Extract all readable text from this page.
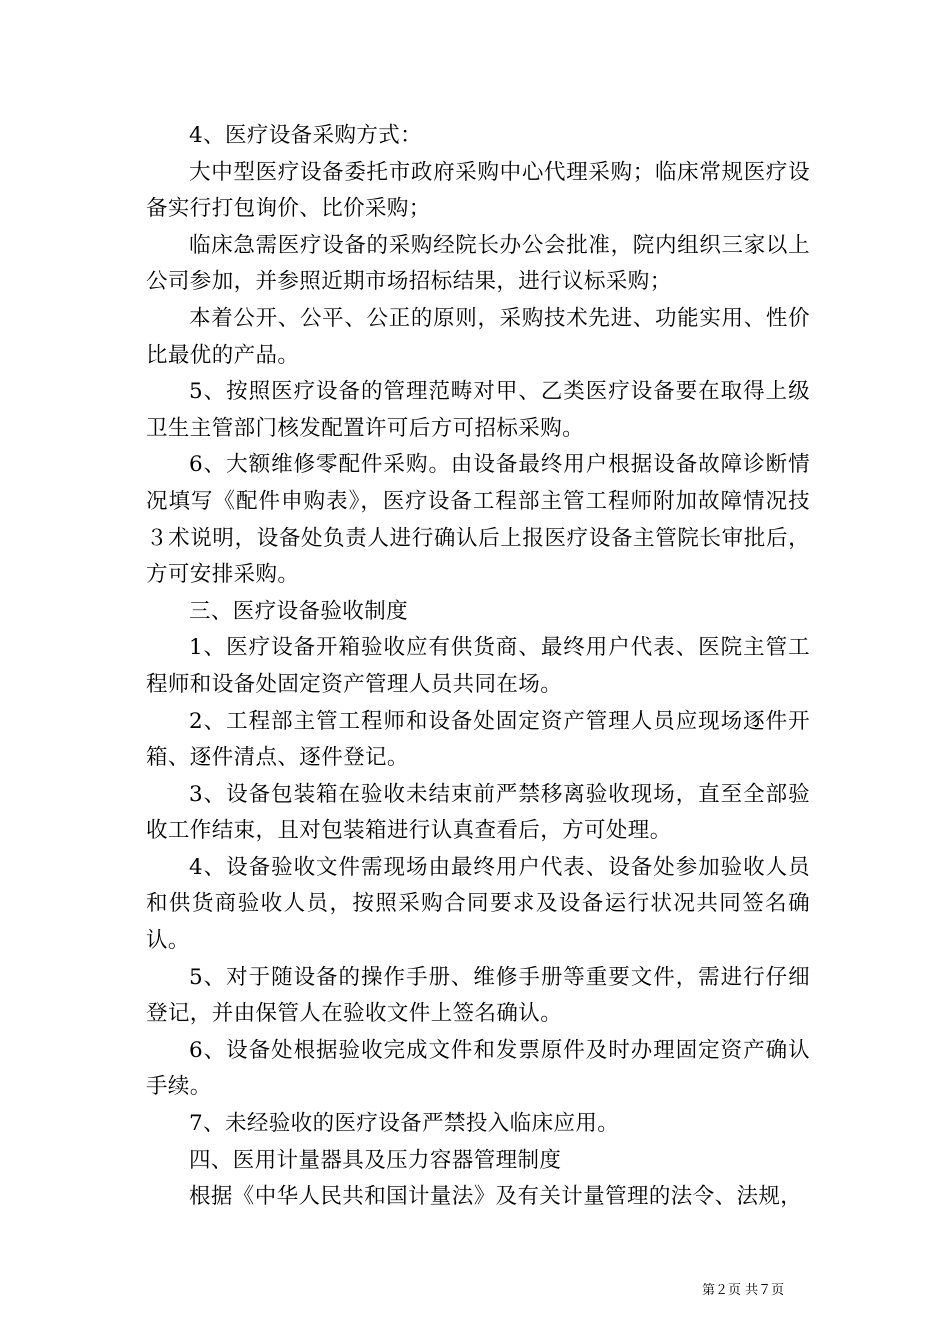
4、医疗设备采购方式：

大中型医疗设备委托市政府采购中心代理采购；临床常规医疗设备实行打包询价、比价采购；

临床急需医疗设备的采购经院长办公会批准，院内组织三家以上公司参加，并参照近期市场招标结果，进行议标采购；

本着公开、公平、公正的原则，采购技术先进、功能实用、性价比最优的产品。

5、按照医疗设备的管理范畴对甲、乙类医疗设备要在取得上级卫生主管部门核发配置许可后方可招标采购。

6、大额维修零配件采购。由设备最终用户根据设备故障诊断情况填写《配件申购表》，医疗设备工程部主管工程师附加故障情况技３术说明，设备处负责人进行确认后上报医疗设备主管院长审批后，方可安排采购。

三、医疗设备验收制度

1、医疗设备开箱验收应有供货商、最终用户代表、医院主管工程师和设备处固定资产管理人员共同在场。

2、工程部主管工程师和设备处固定资产管理人员应现场逐件开箱、逐件清点、逐件登记。

3、设备包装箱在验收未结束前严禁移离验收现场，直至全部验收工作结束，且对包装箱进行认真查看后，方可处理。

4、设备验收文件需现场由最终用户代表、设备处参加验收人员和供货商验收人员，按照采购合同要求及设备运行状况共同签名确认。

5、对于随设备的操作手册、维修手册等重要文件，需进行仔细登记，并由保管人在验收文件上签名确认。

6、设备处根据验收完成文件和发票原件及时办理固定资产确认手续。

7、未经验收的医疗设备严禁投入临床应用。

四、医用计量器具及压力容器管理制度

根据《中华人民共和国计量法》及有关计量管理的法令、法规，

第２页 共７页
